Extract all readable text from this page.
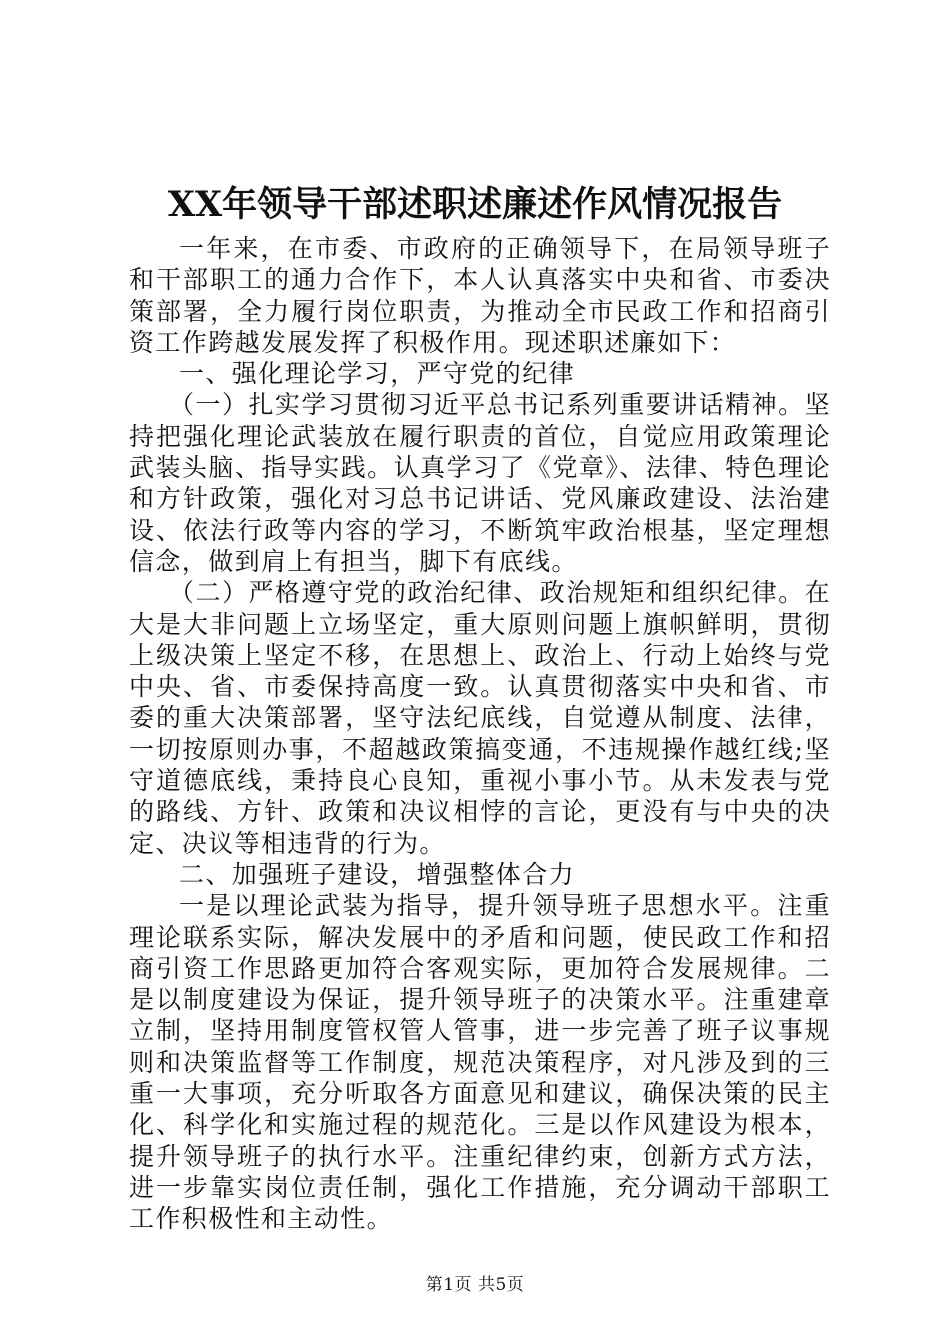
XX年领导干部述职述廉述作风情况报告

一年来，在市委、市政府的正确领导下，在局领导班子和干部职工的通力合作下，本人认真落实中央和省、市委决策部署，全力履行岗位职责，为推动全市民政工作和招商引资工作跨越发展发挥了积极作用。现述职述廉如下：

一、强化理论学习，严守党的纪律

（一）扎实学习贯彻习近平总书记系列重要讲话精神。坚持把强化理论武装放在履行职责的首位，自觉应用政策理论武装头脑、指导实践。认真学习了《党章》、法律、特色理论和方针政策，强化对习总书记讲话、党风廉政建设、法治建设、依法行政等内容的学习，不断筑牢政治根基，坚定理想信念，做到肩上有担当，脚下有底线。

（二）严格遵守党的政治纪律、政治规矩和组织纪律。在大是大非问题上立场坚定，重大原则问题上旗帜鲜明，贯彻上级决策上坚定不移，在思想上、政治上、行动上始终与党中央、省、市委保持高度一致。认真贯彻落实中央和省、市委的重大决策部署，坚守法纪底线，自觉遵从制度、法律，一切按原则办事，不超越政策搞变通，不违规操作越红线;坚守道德底线，秉持良心良知，重视小事小节。从未发表与党的路线、方针、政策和决议相悖的言论，更没有与中央的决定、决议等相违背的行为。

二、加强班子建设，增强整体合力

一是以理论武装为指导，提升领导班子思想水平。注重理论联系实际，解决发展中的矛盾和问题，使民政工作和招商引资工作思路更加符合客观实际，更加符合发展规律。二是以制度建设为保证，提升领导班子的决策水平。注重建章立制，坚持用制度管权管人管事，进一步完善了班子议事规则和决策监督等工作制度，规范决策程序，对凡涉及到的三重一大事项，充分听取各方面意见和建议，确保决策的民主化、科学化和实施过程的规范化。三是以作风建设为根本，提升领导班子的执行水平。注重纪律约束，创新方式方法，进一步靠实岗位责任制，强化工作措施，充分调动干部职工工作积极性和主动性。

第1页 共5页
